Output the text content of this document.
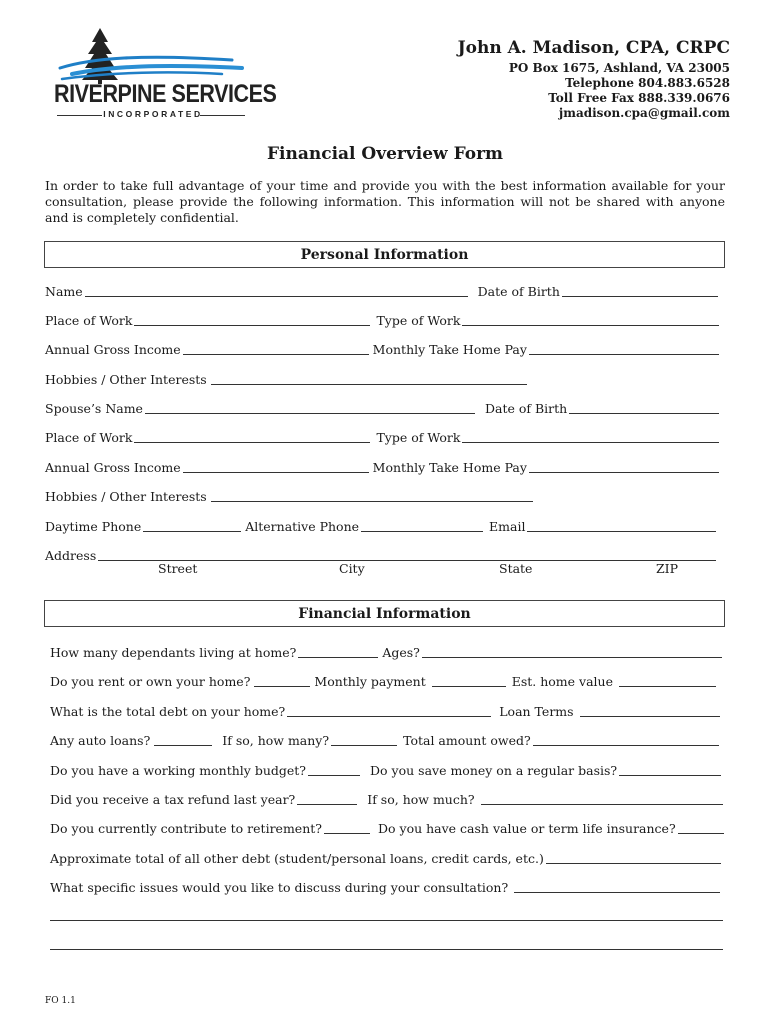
RIVERPINE SERVICES
INCORPORATED
John A. Madison, CPA, CRPC
PO Box 1675, Ashland, VA 23005
Telephone 804.883.6528
Toll Free Fax 888.339.0676
jmadison.cpa@gmail.com
Financial Overview Form
In order to take full advantage of your time and provide you with the best information available for your consultation, please provide the following information. This information will not be shared with anyone and is completely confidential.
Personal Information
Name	Date of Birth
Place of Work	Type of Work
Annual Gross Income	Monthly Take Home Pay
Hobbies / Other Interests
Spouse’s Name	Date of Birth
Place of Work	Type of Work
Annual Gross Income	Monthly Take Home Pay
Hobbies / Other Interests
Daytime Phone	Alternative Phone	Email
Address
Street	City	State	ZIP
Financial Information
How many dependants living at home?	Ages?
Do you rent or own your home?	Monthly payment	Est. home value
What is the total debt on your home?	Loan Terms
Any auto loans?	If so, how many?	Total amount owed?
Do you have a working monthly budget?	Do you save money on a regular basis?
Did you receive a tax refund last year?	If so, how much?
Do you currently contribute to retirement?	Do you have cash value or term life insurance?
Approximate total of all other debt (student/personal loans, credit cards, etc.)
What specific issues would you like to discuss during your consultation?
FO 1.1
